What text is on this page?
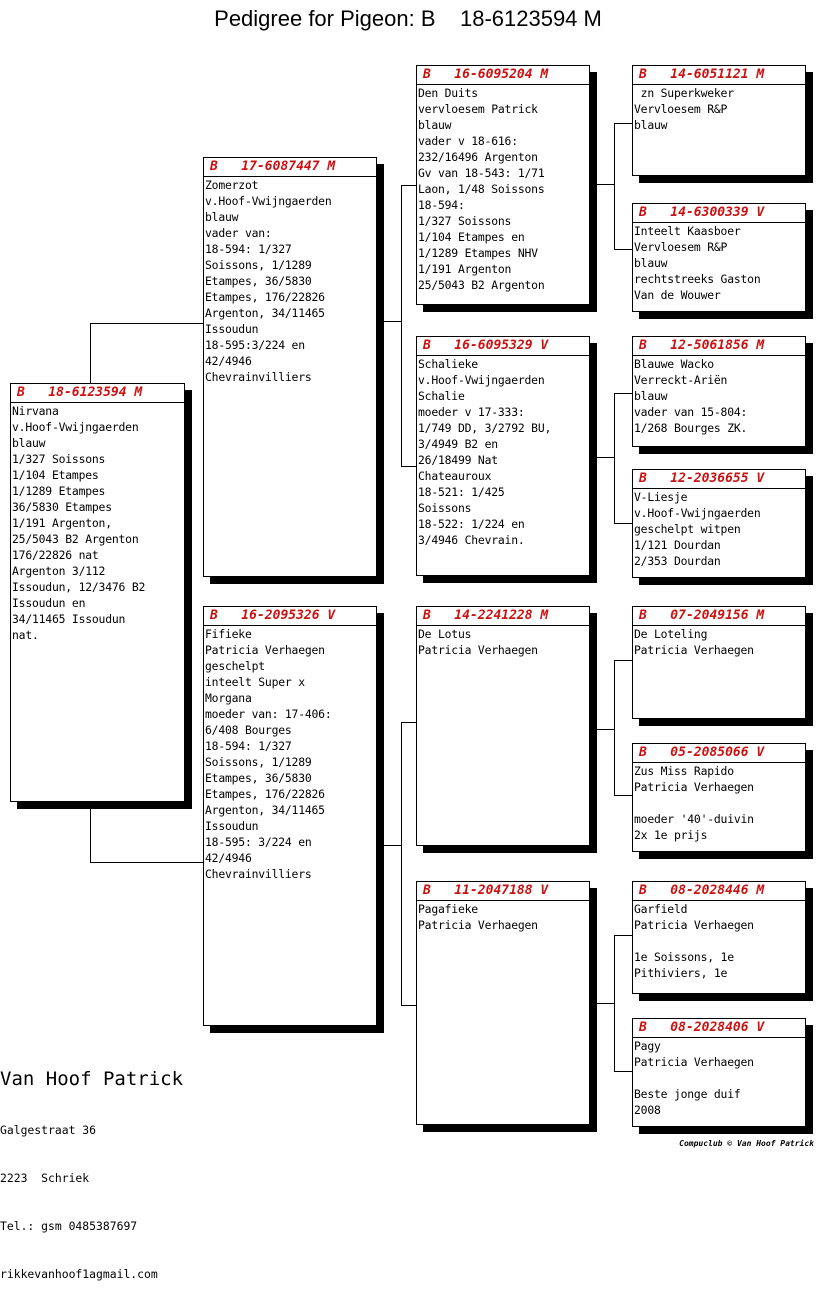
Pedigree for Pigeon: B    18-6123594 M
B   18-6123594 M
Nirvana
v.Hoof-Vwijngaerden
blauw
1/327 Soissons
1/104 Etampes
1/1289 Etampes
36/5830 Etampes
1/191 Argenton,
25/5043 B2 Argenton
176/22826 nat
Argenton 3/112
Issoudun, 12/3476 B2
Issoudun en
34/11465 Issoudun
nat.
B   17-6087447 M
Zomerzot
v.Hoof-Vwijngaerden
blauw
vader van:
18-594: 1/327
Soissons, 1/1289
Etampes, 36/5830
Etampes, 176/22826
Argenton, 34/11465
Issoudun
18-595:3/224 en
42/4946
Chevrainvilliers
B   16-2095326 V
Fifieke
Patricia Verhaegen
geschelpt
inteelt Super x
Morgana
moeder van: 17-406:
6/408 Bourges
18-594: 1/327
Soissons, 1/1289
Etampes, 36/5830
Etampes, 176/22826
Argenton, 34/11465
Issoudun
18-595: 3/224 en
42/4946
Chevrainvilliers
B   16-6095204 M
Den Duits
vervloesem Patrick
blauw
vader v 18-616:
232/16496 Argenton
Gv van 18-543: 1/71
Laon, 1/48 Soissons
18-594:
1/327 Soissons
1/104 Etampes en
1/1289 Etampes NHV
1/191 Argenton
25/5043 B2 Argenton
B   16-6095329 V
Schalieke
v.Hoof-Vwijngaerden
Schalie
moeder v 17-333:
1/749 DD, 3/2792 BU,
3/4949 B2 en
26/18499 Nat
Chateauroux
18-521: 1/425
Soissons
18-522: 1/224 en
3/4946 Chevrain.
B   14-2241228 M
De Lotus
Patricia Verhaegen
B   11-2047188 V
Pagafieke
Patricia Verhaegen
B   14-6051121 M
zn Superkweker
Vervloesem R&P
blauw
B   14-6300339 V
Inteelt Kaasboer
Vervloesem R&P
blauw
rechtstreeks Gaston
Van de Wouwer
B   12-5061856 M
Blauwe Wacko
Verreckt-Ariën
blauw
vader van 15-804:
1/268 Bourges ZK.
B   12-2036655 V
V-Liesje
v.Hoof-Vwijngaerden
geschelpt witpen
1/121 Dourdan
2/353 Dourdan
B   07-2049156 M
De Loteling
Patricia Verhaegen
B   05-2085066 V
Zus Miss Rapido
Patricia Verhaegen

moeder '40'-duivin
2x 1e prijs
B   08-2028446 M
Garfield
Patricia Verhaegen

1e Soissons, 1e
Pithiviers, 1e
B   08-2028406 V
Pagy
Patricia Verhaegen

Beste jonge duif
2008

Van Hoof Patrick

Galgestraat 36

2223  Schriek

Tel.: gsm 0485387697

rikkevanhoof1agmail.com

Compuclub © Van Hoof Patrick
